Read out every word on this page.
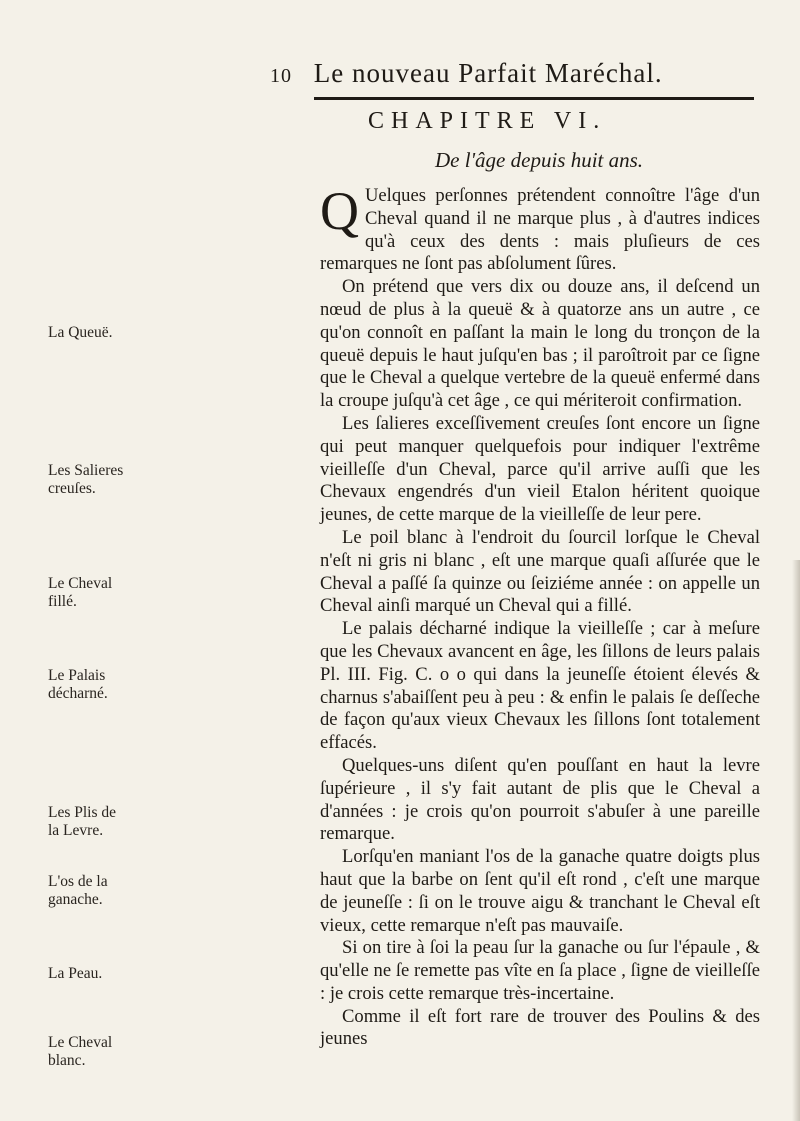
10 Le nouveau Parfait Maréchal.
CHAPITRE VI.
De l'âge depuis huit ans.
La Queuë.
Les Salieres creuſes.
Le Cheval fillé.
Le Palais décharné.
Les Plis de la Levre.
L'os de la ganache.
La Peau.
Le Cheval blanc.

Q Uelques perſonnes prétendent connoître l'âge d'un Cheval quand il ne marque plus , à d'autres indices qu'à ceux des dents : mais pluſieurs de ces remarques ne ſont pas abſolument ſûres.

On prétend que vers dix ou douze ans, il deſcend un nœud de plus à la queuë & à quatorze ans un autre , ce qu'on connoît en paſſant la main le long du tronçon de la queuë depuis le haut juſqu'en bas ; il paroîtroit par ce ſigne que le Cheval a quelque vertebre de la queuë enfermé dans la croupe juſqu'à cet âge , ce qui mériteroit confirmation.

Les ſalieres exceſſivement creuſes ſont encore un ſigne qui peut manquer quelquefois pour indiquer l'extrême vieilleſſe d'un Cheval, parce qu'il arrive auſſi que les Chevaux engendrés d'un vieil Etalon héritent quoique jeunes, de cette marque de la vieilleſſe de leur pere.

Le poil blanc à l'endroit du ſourcil lorſque le Cheval n'eſt ni gris ni blanc , eſt une marque quaſi aſſurée que le Cheval a paſſé ſa quinze ou ſeiziéme année : on appelle un Cheval ainſi marqué un Cheval qui a fillé.

Le palais décharné indique la vieilleſſe ; car à meſure que les Chevaux avancent en âge, les ſillons de leurs palais Pl. III. Fig. C. o o qui dans la jeuneſſe étoient élevés & charnus s'abaiſſent peu à peu : & enfin le palais ſe deſſeche de façon qu'aux vieux Chevaux les ſillons ſont totalement effacés.

Quelques-uns diſent qu'en pouſſant en haut la levre ſupérieure , il s'y fait autant de plis que le Cheval a d'années : je crois qu'on pourroit s'abuſer à une pareille remarque.

Lorſqu'en maniant l'os de la ganache quatre doigts plus haut que la barbe on ſent qu'il eſt rond , c'eſt une marque de jeuneſſe : ſi on le trouve aigu & tranchant le Cheval eſt vieux, cette remarque n'eſt pas mauvaiſe.

Si on tire à ſoi la peau ſur la ganache ou ſur l'épaule , & qu'elle ne ſe remette pas vîte en ſa place , ſigne de vieilleſſe : je crois cette remarque très-incertaine.

Comme il eſt fort rare de trouver des Poulins & des jeunes
